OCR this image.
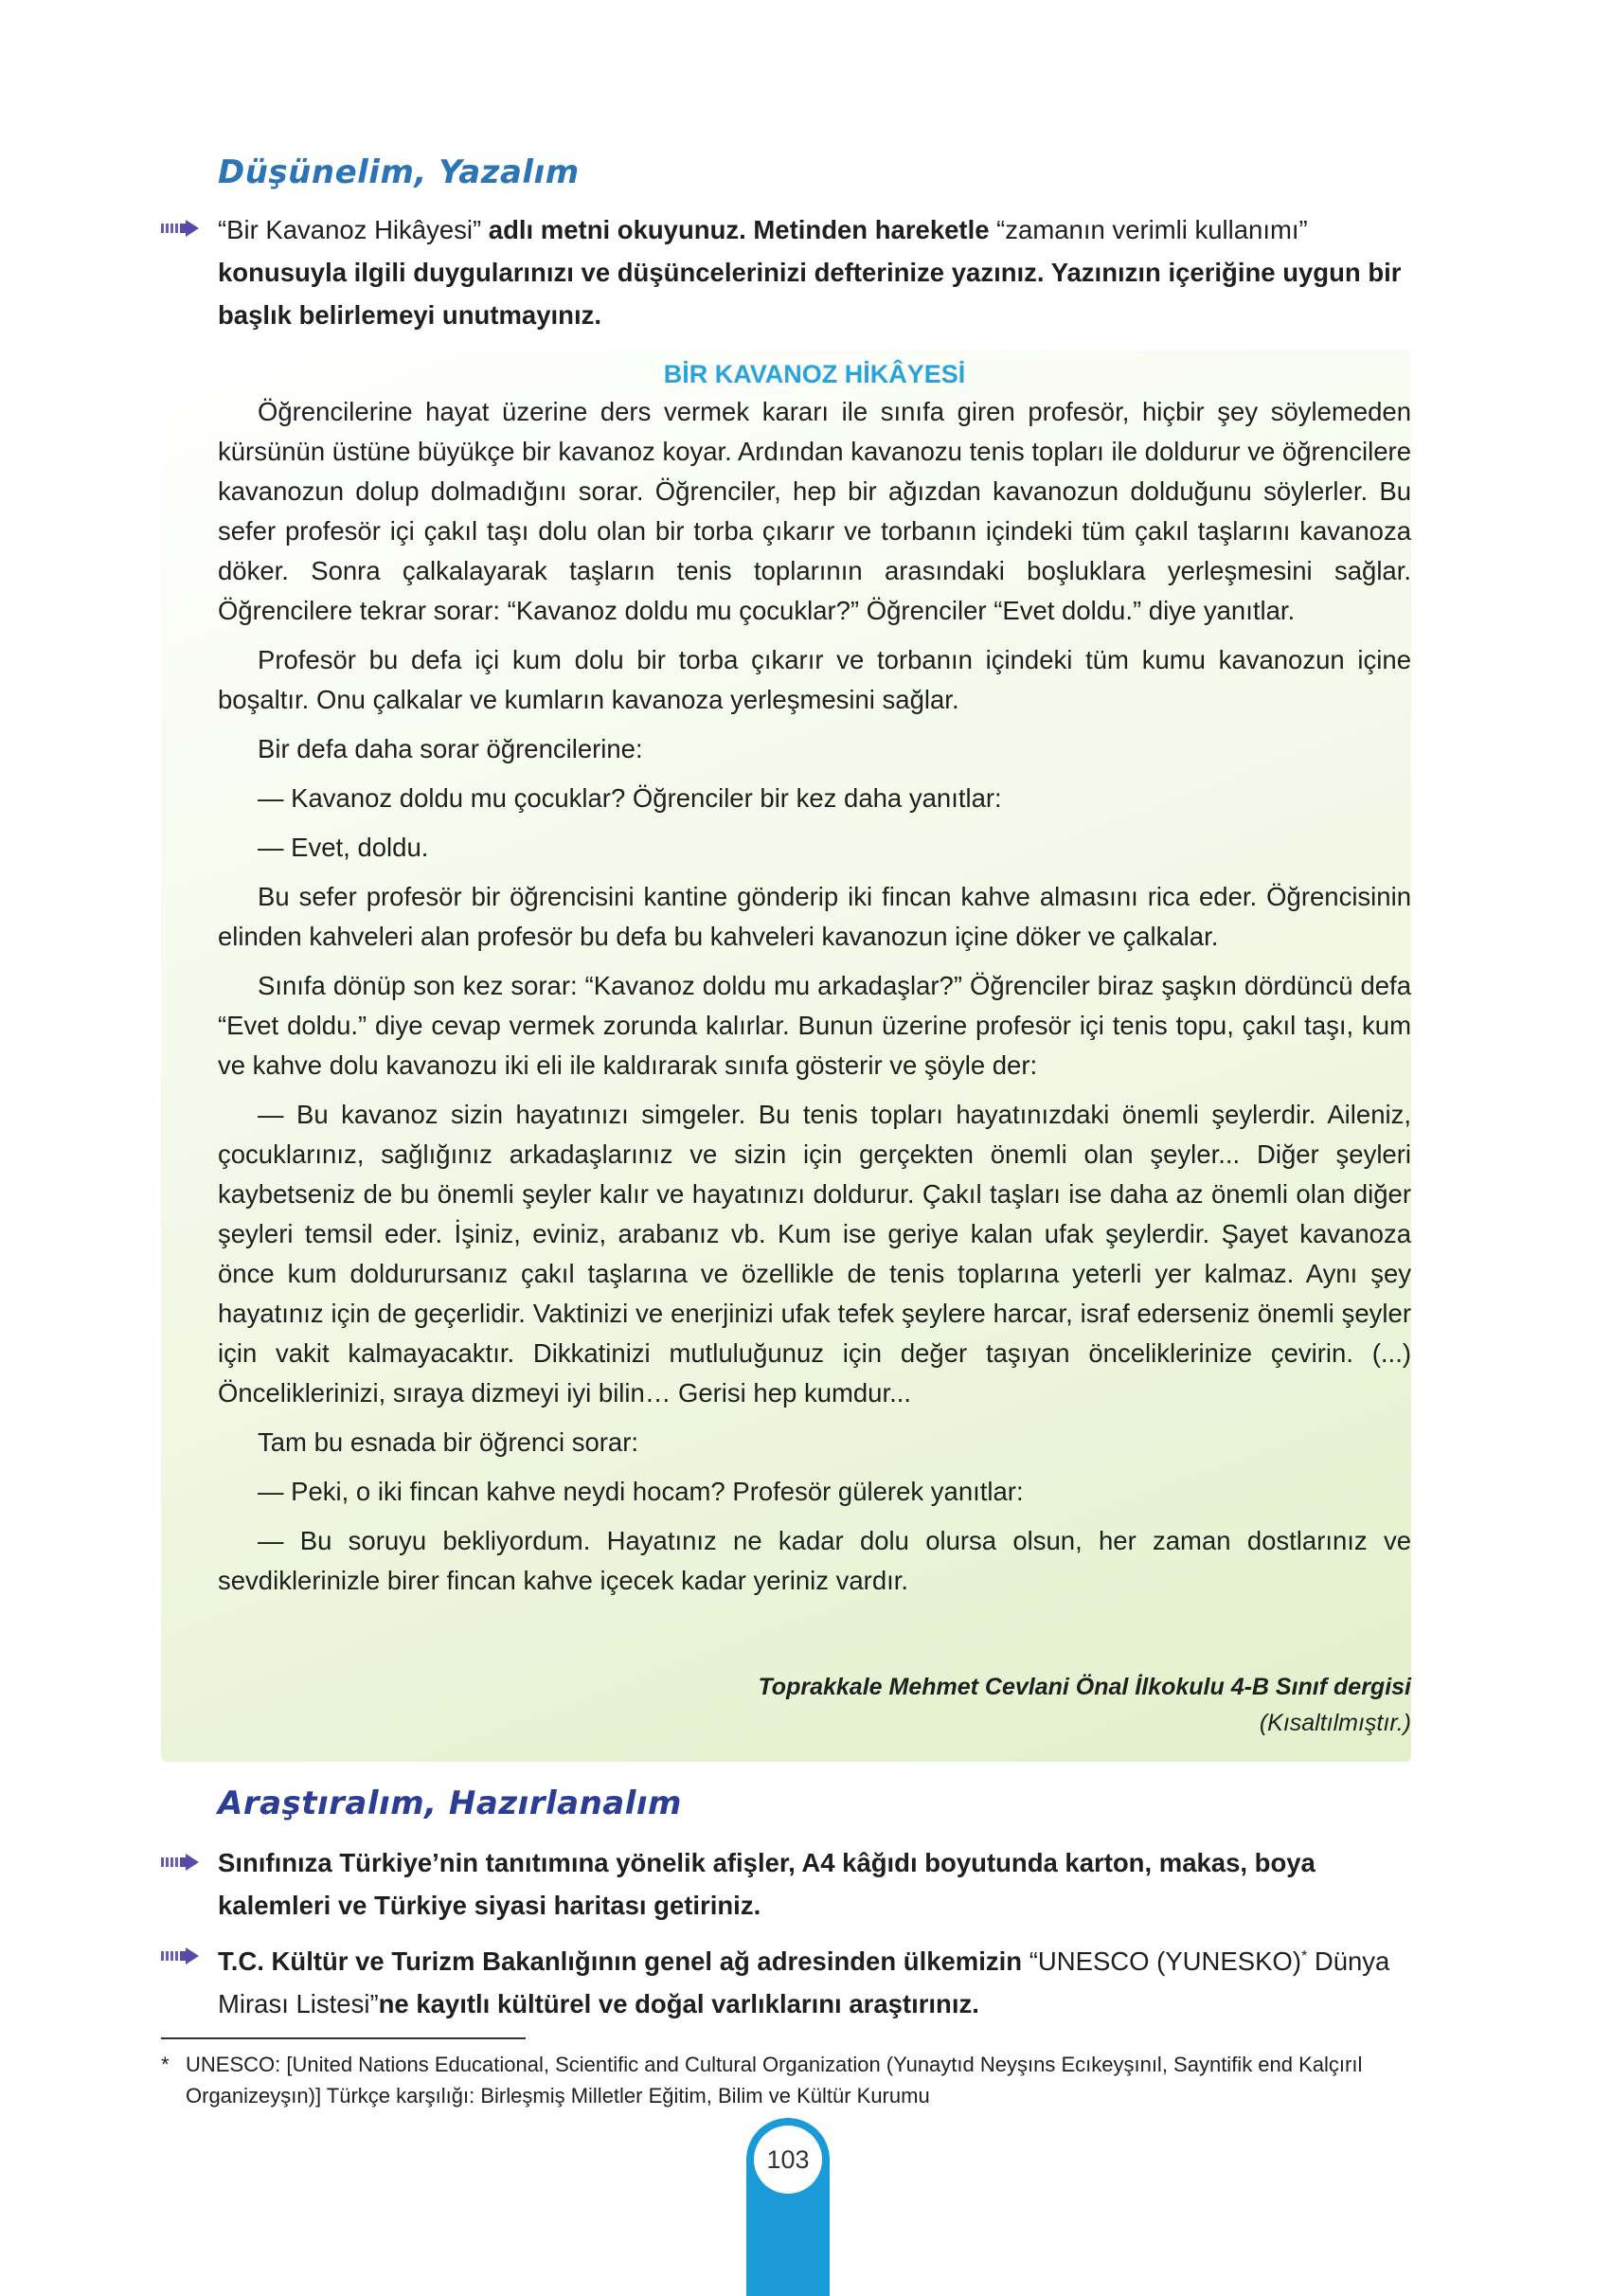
Düşünelim, Yazalım
“Bir Kavanoz Hikâyesi” adlı metni okuyunuz. Metinden hareketle “zamanın verimli kullanımı” konusuyla ilgili duygularınızı ve düşüncelerinizi defterinize yazınız. Yazınızın içeriğine uygun bir başlık belirlemeyi unutmayınız.
BİR KAVANOZ HİKÂYESİ

Öğrencilerine hayat üzerine ders vermek kararı ile sınıfa giren profesör, hiçbir şey söylemeden kürsünün üstüne büyükçe bir kavanoz koyar. Ardından kavanozu tenis topları ile doldurur ve öğrencilere kavanozun dolup dolmadığını sorar. Öğrenciler, hep bir ağızdan kavanozun dolduğunu söylerler. Bu sefer profesör içi çakıl taşı dolu olan bir torba çıkarır ve torbanın içindeki tüm çakıl taşlarını kavanoza döker. Sonra çalkalayarak taşların tenis toplarının arasındaki boşluklara yerleşmesini sağlar. Öğrencilere tekrar sorar: “Kavanoz doldu mu çocuklar?” Öğrenciler “Evet doldu.” diye yanıtlar.

Profesör bu defa içi kum dolu bir torba çıkarır ve torbanın içindeki tüm kumu kavanozun içine boşaltır. Onu çalkalar ve kumların kavanoza yerleşmesini sağlar.

Bir defa daha sorar öğrencilerine:

— Kavanoz doldu mu çocuklar? Öğrenciler bir kez daha yanıtlar:

— Evet, doldu.

Bu sefer profesör bir öğrencisini kantine gönderip iki fincan kahve almasını rica eder. Öğrencisinin elinden kahveleri alan profesör bu defa bu kahveleri kavanozun içine döker ve çalkalar.

Sınıfa dönüp son kez sorar: “Kavanoz doldu mu arkadaşlar?” Öğrenciler biraz şaşkın dördüncü defa “Evet doldu.” diye cevap vermek zorunda kalırlar. Bunun üzerine profesör içi tenis topu, çakıl taşı, kum ve kahve dolu kavanozu iki eli ile kaldırarak sınıfa gösterir ve şöyle der:

— Bu kavanoz sizin hayatınızı simgeler. Bu tenis topları hayatınızdaki önemli şeylerdir. Aileniz, çocuklarınız, sağlığınız arkadaşlarınız ve sizin için gerçekten önemli olan şeyler... Diğer şeyleri kaybetseniz de bu önemli şeyler kalır ve hayatınızı doldurur. Çakıl taşları ise daha az önemli olan diğer şeyleri temsil eder. İşiniz, eviniz, arabanız vb. Kum ise geriye kalan ufak şeylerdir. Şayet kavanoza önce kum doldurursanız çakıl taşlarına ve özellikle de tenis toplarına yeterli yer kalmaz. Aynı şey hayatınız için de geçerlidir. Vaktinizi ve enerjinizi ufak tefek şeylere harcar, israf ederseniz önemli şeyler için vakit kalmayacaktır. Dikkatinizi mutluluğunuz için değer taşıyan önceliklerinize çevirin. (...) Önceliklerinizi, sıraya dizmeyi iyi bilin… Gerisi hep kumdur...

Tam bu esnada bir öğrenci sorar:

— Peki, o iki fincan kahve neydi hocam? Profesör gülerek yanıtlar:

— Bu soruyu bekliyordum. Hayatınız ne kadar dolu olursa olsun, her zaman dostlarınız ve sevdiklerinizle birer fincan kahve içecek kadar yeriniz vardır.

Toprakkale Mehmet Cevlani Önal İlkokulu 4-B Sınıf dergisi
(Kısaltılmıştır.)
Araştıralım, Hazırlanalım
Sınıfınıza Türkiye’nin tanıtımına yönelik afişler, A4 kâğıdı boyutunda karton, makas, boya kalemleri ve Türkiye siyasi haritası getiriniz.
T.C. Kültür ve Turizm Bakanlığının genel ağ adresinden ülkemizin “UNESCO (YUNESKO)* Dünya Mirası Listesi”ne kayıtlı kültürel ve doğal varlıklarını araştırınız.
* UNESCO: [United Nations Educational, Scientific and Cultural Organization (Yunaytıd Neyşıns Ecıkeyşınıl, Sayntifik end Kalçırıl Organizeyşın)] Türkçe karşılığı: Birleşmiş Milletler Eğitim, Bilim ve Kültür Kurumu
103
